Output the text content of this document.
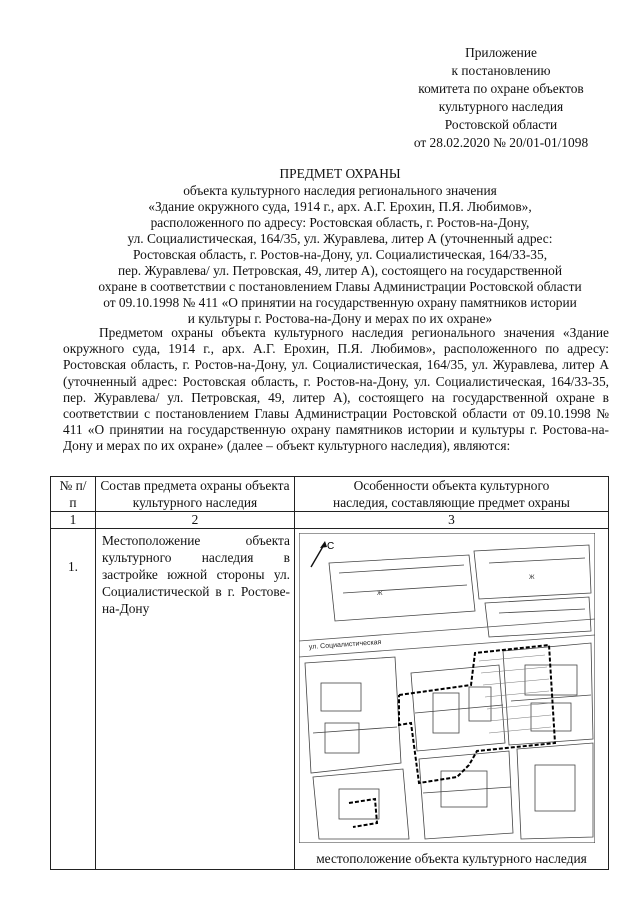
Приложение
к постановлению
комитета по охране объектов
культурного наследия
Ростовской области
от 28.02.2020 № 20/01-01/1098
ПРЕДМЕТ ОХРАНЫ
объекта культурного наследия регионального значения
«Здание окружного суда, 1914 г., арх. А.Г. Ерохин, П.Я. Любимов»,
расположенного по адресу: Ростовская область, г. Ростов-на-Дону,
ул. Социалистическая, 164/35, ул. Журавлева, литер А (уточненный адрес:
Ростовская область, г. Ростов-на-Дону, ул. Социалистическая, 164/33-35,
пер. Журавлева/ ул. Петровская, 49, литер А), состоящего на государственной
охране в соответствии с постановлением Главы Администрации Ростовской области
от 09.10.1998 № 411 «О принятии на государственную охрану памятников истории
и культуры г. Ростова-на-Дону и мерах по их охране»
Предметом охраны объекта культурного наследия регионального значения «Здание окружного суда, 1914 г., арх. А.Г. Ерохин, П.Я. Любимов», расположенного по адресу: Ростовская область, г. Ростов-на-Дону, ул. Социалистическая, 164/35, ул. Журавлева, литер А (уточненный адрес: Ростовская область, г. Ростов-на-Дону, ул. Социалистическая, 164/33-35, пер. Журавлева/ ул. Петровская, 49, литер А), состоящего на государственной охране в соответствии с постановлением Главы Администрации Ростовской области от 09.10.1998 № 411 «О принятии на государственную охрану памятников истории и культуры г. Ростова-на-Дону и мерах по их охране» (далее – объект культурного наследия), являются:
№ п/п	Состав предмета охраны объекта культурного наследия	Особенности объекта культурного наследия, составляющие предмет охраны
1	2	3
1.	Местоположение объекта культурного наследия в застройке южной стороны ул. Социалистической в г. Ростове-на-Дону	С
Ж
Ж
ул. Социалистическая
местоположение объекта культурного наследия
